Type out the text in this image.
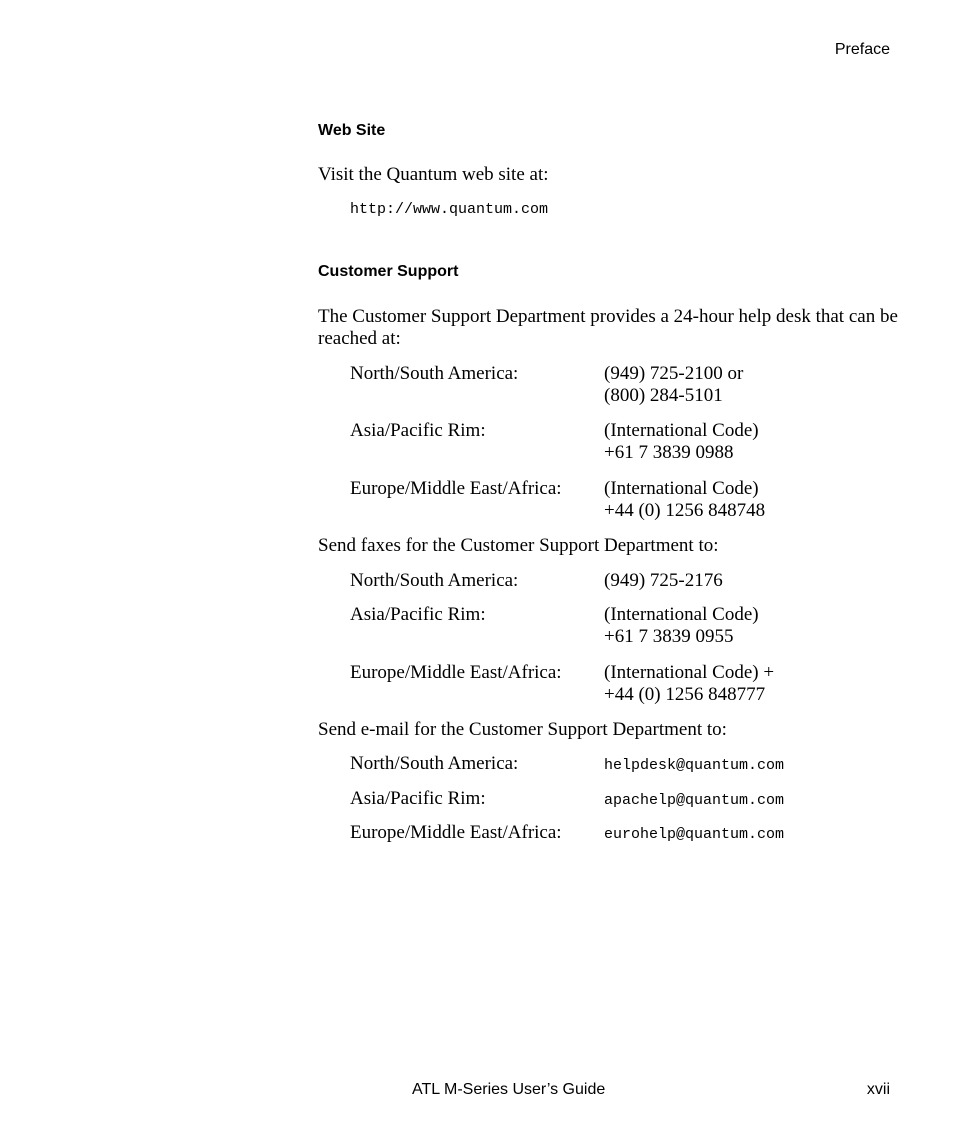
Preface
Web Site
Visit the Quantum web site at:
http://www.quantum.com
Customer Support
The Customer Support Department provides a 24-hour help desk that can be reached at:
North/South America:	(949) 725-2100 or
(800) 284-5101
Asia/Pacific Rim:	(International Code)
+61 7 3839 0988
Europe/Middle East/Africa: (International Code)
+44 (0) 1256 848748
Send faxes for the Customer Support Department to:
North/South America:	(949) 725-2176
Asia/Pacific Rim:	(International Code)
+61 7 3839 0955
Europe/Middle East/Africa: (International Code) +
+44 (0) 1256 848777
Send e-mail for the Customer Support Department to:
North/South America:	helpdesk@quantum.com
Asia/Pacific Rim:	apachelp@quantum.com
Europe/Middle East/Africa:	eurohelp@quantum.com
ATL M-Series User’s Guide	xvii
